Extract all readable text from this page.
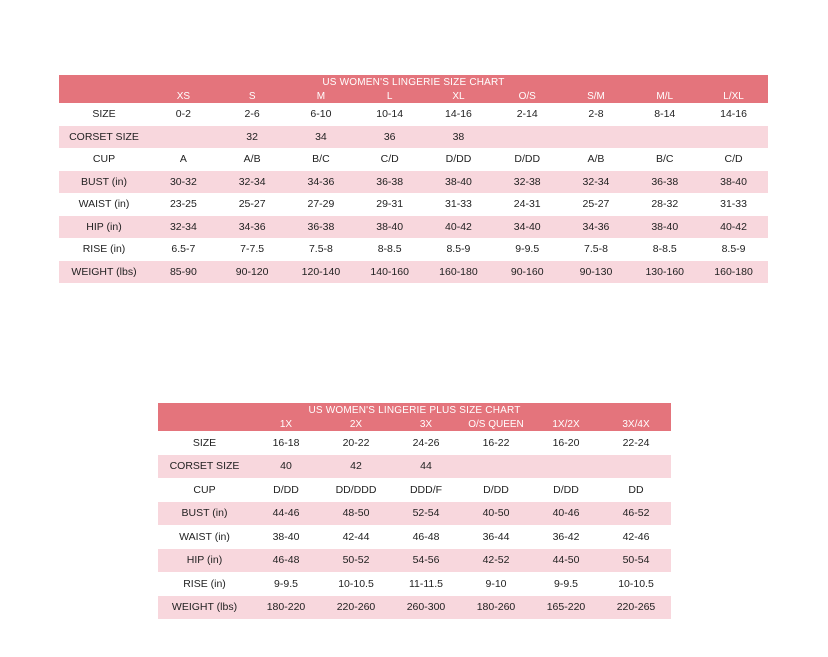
US WOMEN'S LINGERIE SIZE CHART									
	XS	S	M	L	XL	O/S	S/M	M/L	L/XL
SIZE	0-2	2-6	6-10	10-14	14-16	2-14	2-8	8-14	14-16
CORSET SIZE		32	34	36	38				
CUP	A	A/B	B/C	C/D	D/DD	D/DD	A/B	B/C	C/D
BUST (in)	30-32	32-34	34-36	36-38	38-40	32-38	32-34	36-38	38-40
WAIST (in)	23-25	25-27	27-29	29-31	31-33	24-31	25-27	28-32	31-33
HIP (in)	32-34	34-36	36-38	38-40	40-42	34-40	34-36	38-40	40-42
RISE (in)	6.5-7	7-7.5	7.5-8	8-8.5	8.5-9	9-9.5	7.5-8	8-8.5	8.5-9
WEIGHT (lbs)	85-90	90-120	120-140	140-160	160-180	90-160	90-130	130-160	160-180
US WOMEN'S LINGERIE PLUS SIZE CHART						
	1X	2X	3X	O/S QUEEN	1X/2X	3X/4X
SIZE	16-18	20-22	24-26	16-22	16-20	22-24
CORSET SIZE	40	42	44			
CUP	D/DD	DD/DDD	DDD/F	D/DD	D/DD	DD
BUST (in)	44-46	48-50	52-54	40-50	40-46	46-52
WAIST (in)	38-40	42-44	46-48	36-44	36-42	42-46
HIP (in)	46-48	50-52	54-56	42-52	44-50	50-54
RISE (in)	9-9.5	10-10.5	11-11.5	9-10	9-9.5	10-10.5
WEIGHT (lbs)	180-220	220-260	260-300	180-260	165-220	220-265
